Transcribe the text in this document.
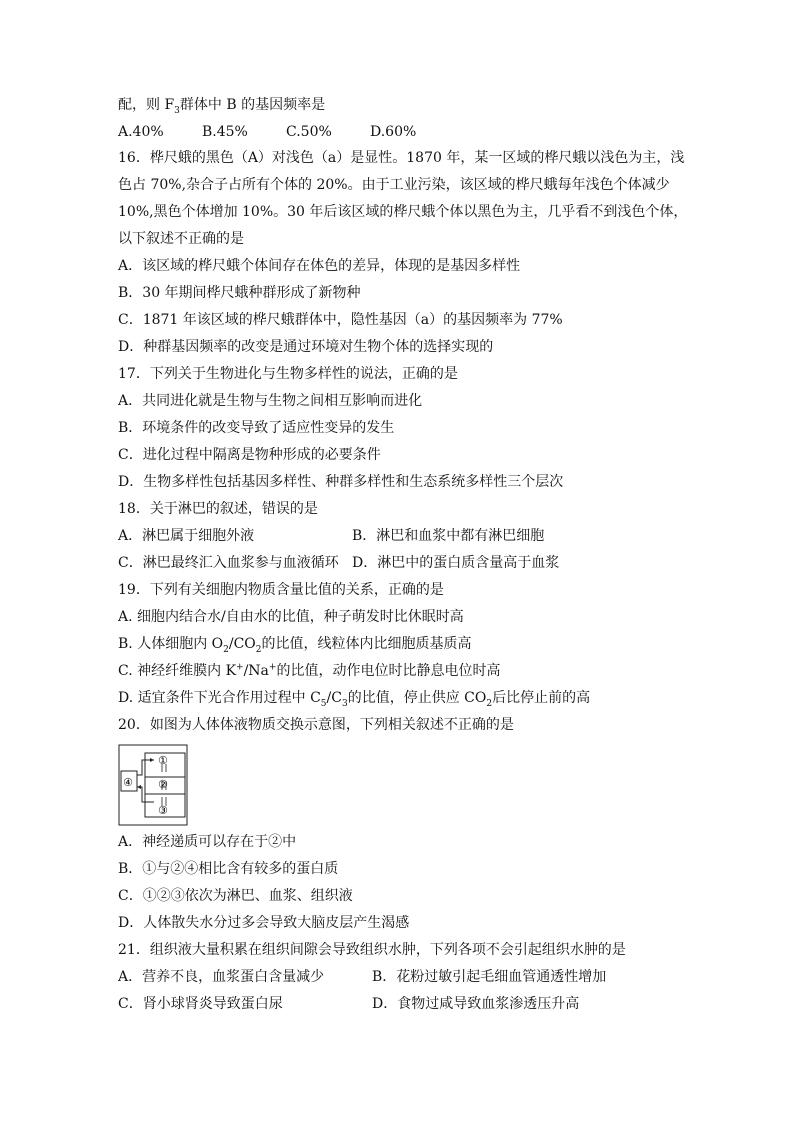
配，则 $F_3$群体中 B 的基因频率是
A.40%	B.45%	C.50%	D.60%
16．桦尺蛾的黑色（A）对浅色（a）是显性。1870 年，某一区域的桦尺蛾以浅色为主，浅
色占 70%,杂合子占所有个体的 20%。由于工业污染，该区域的桦尺蛾每年浅色个体减少
10%,黑色个体增加 10%。30 年后该区域的桦尺蛾个体以黑色为主，几乎看不到浅色个体，
以下叙述不正确的是
A．该区域的桦尺蛾个体间存在体色的差异，体现的是基因多样性
B．30 年期间桦尺蛾种群形成了新物种
C．1871 年该区域的桦尺蛾群体中，隐性基因（a）的基因频率为 77%
D．种群基因频率的改变是通过环境对生物个体的选择实现的
17．下列关于生物进化与生物多样性的说法，正确的是
A．共同进化就是生物与生物之间相互影响而进化
B．环境条件的改变导致了适应性变异的发生
C．进化过程中隔离是物种形成的必要条件
D．生物多样性包括基因多样性、种群多样性和生态系统多样性三个层次
18．关于淋巴的叙述，错误的是
A．淋巴属于细胞外液	B．淋巴和血浆中都有淋巴细胞
C．淋巴最终汇入血浆参与血液循环 D．淋巴中的蛋白质含量高于血浆
19．下列有关细胞内物质含量比值的关系，正确的是
A. 细胞内结合水/自由水的比值，种子萌发时比休眠时高
B. 人体细胞内 $O_2/CO_2$的比值，线粒体内比细胞质基质高
C. 神经纤维膜内 K+/Na+的比值，动作电位时比静息电位时高
D. 适宜条件下光合作用过程中 $C_5/C_3$的比值，停止供应 $CO_2$后比停止前的高
20．如图为人体体液物质交换示意图，下列相关叙述不正确的是
①
②
③
④
A．神经递质可以存在于②中
B．①与②④相比含有较多的蛋白质
C．①②③依次为淋巴、血浆、组织液
D．人体散失水分过多会导致大脑皮层产生渴感
21．组织液大量积累在组织间隙会导致组织水肿，下列各项不会引起组织水肿的是
A．营养不良，血浆蛋白含量减少	B．花粉过敏引起毛细血管通透性增加
C．肾小球肾炎导致蛋白尿	D．食物过咸导致血浆渗透压升高
